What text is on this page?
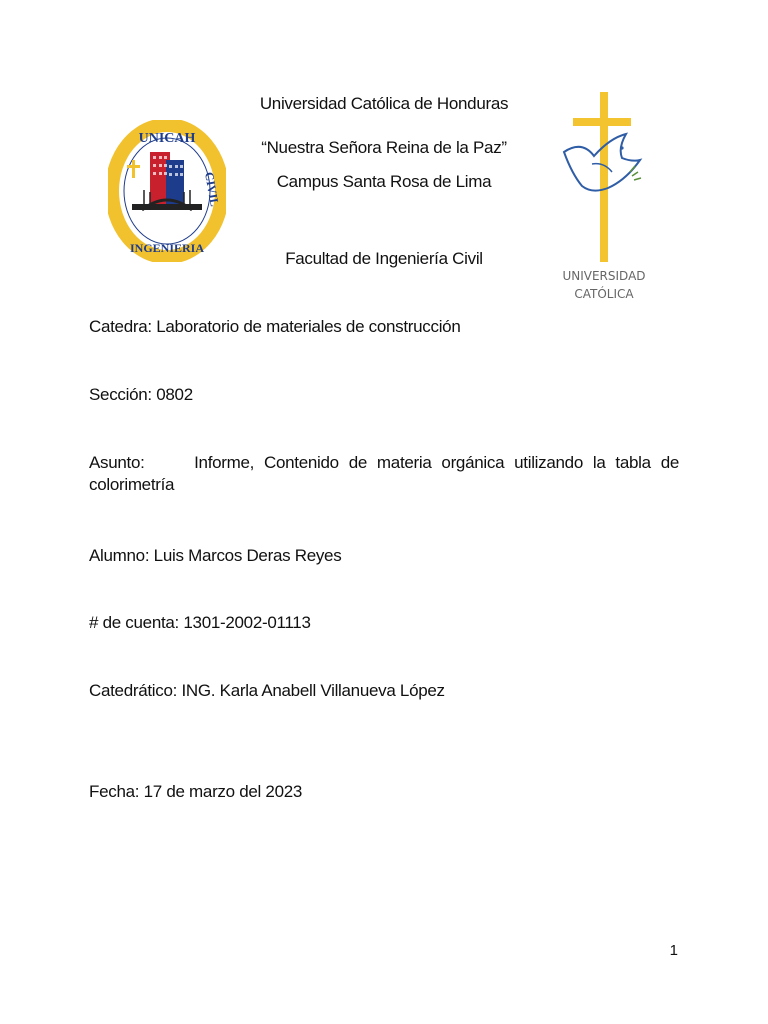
UNICAH
CIVIL
INGENIERIA
UNIVERSIDAD
CATÓLICA
Universidad Católica de Honduras
“Nuestra Señora Reina de la Paz”
Campus Santa Rosa de Lima
Facultad de Ingeniería Civil
Catedra: Laboratorio de materiales de construcción
Sección: 0802
Asunto:	Informe, Contenido de materia orgánica utilizando la tabla de colorimetría
Alumno: Luis Marcos Deras Reyes
# de cuenta: 1301-2002-01113
Catedrático: ING. Karla Anabell Villanueva López
Fecha: 17 de marzo del 2023
1
